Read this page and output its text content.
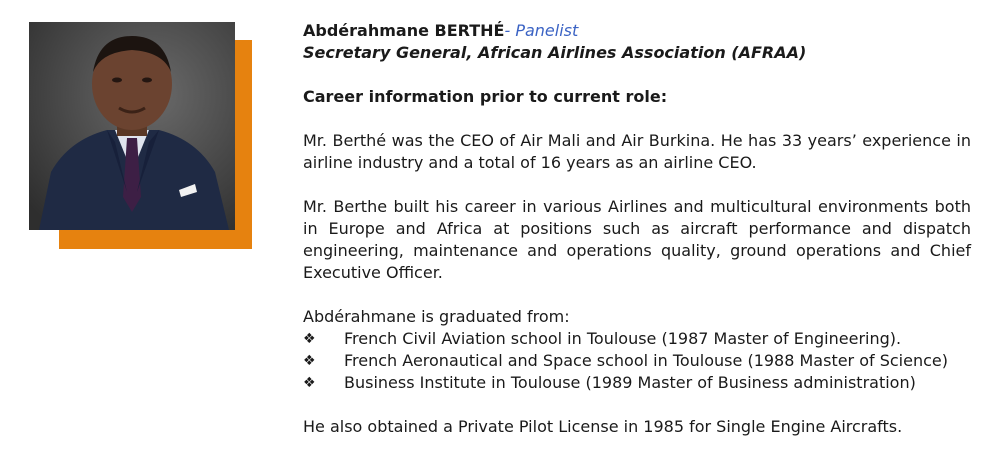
Abdérahmane BERTHÉ- Panelist
Secretary General, African Airlines Association (AFRAA)
Career information prior to current role:

Mr. Berthé was the CEO of Air Mali and Air Burkina. He has 33 years’ experience in airline industry and a total of 16 years as an airline CEO.

Mr. Berthe built his career in various Airlines and multicultural environments both in Europe and Africa at positions such as aircraft performance and dispatch engineering, maintenance and operations quality, ground operations and Chief Executive Officer.

Abdérahmane is graduated from:

❖	French Civil Aviation school in Toulouse (1987 Master of Engineering).
❖	French Aeronautical and Space school in Toulouse (1988 Master of Science)
❖	Business Institute in Toulouse (1989 Master of Business administration)

He also obtained a Private Pilot License in 1985 for Single Engine Aircrafts.
